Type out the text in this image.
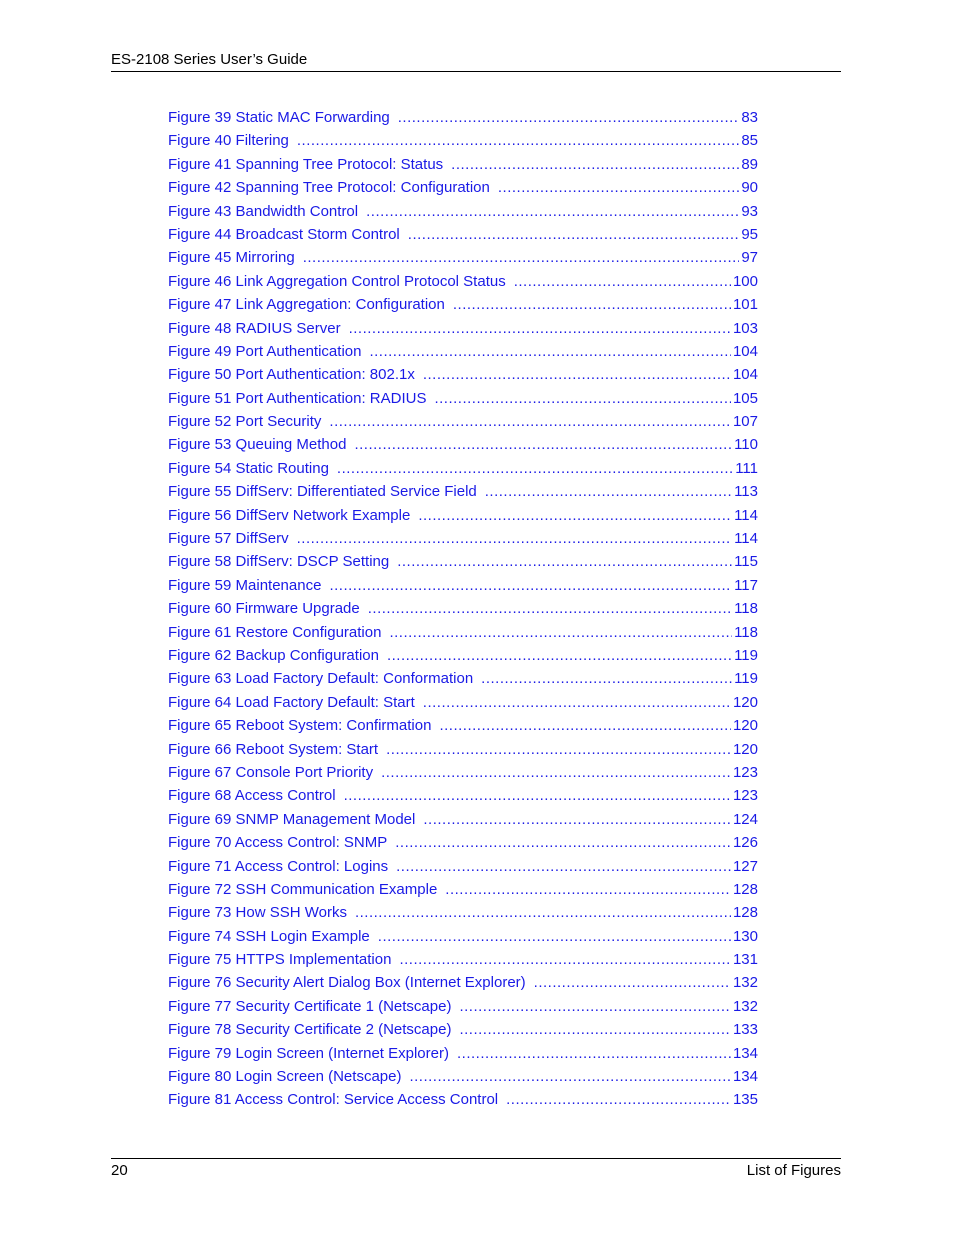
ES-2108 Series User’s Guide
Figure 39 Static MAC Forwarding .....	83
Figure 40 Filtering .....	85
Figure 41 Spanning Tree Protocol: Status .....	89
Figure 42 Spanning Tree Protocol: Configuration .....	90
Figure 43 Bandwidth Control .....	93
Figure 44 Broadcast Storm Control .....	95
Figure 45 Mirroring .....	97
Figure 46 Link Aggregation Control Protocol Status .....	100
Figure 47 Link Aggregation: Configuration .....	101
Figure 48 RADIUS Server .....	103
Figure 49 Port Authentication .....	104
Figure 50 Port Authentication: 802.1x .....	104
Figure 51 Port Authentication: RADIUS .....	105
Figure 52 Port Security .....	107
Figure 53 Queuing Method .....	110
Figure 54 Static Routing .....	111
Figure 55 DiffServ: Differentiated Service Field .....	113
Figure 56 DiffServ Network Example .....	114
Figure 57 DiffServ .....	114
Figure 58 DiffServ: DSCP Setting .....	115
Figure 59 Maintenance .....	117
Figure 60 Firmware Upgrade .....	118
Figure 61 Restore Configuration .....	118
Figure 62 Backup Configuration .....	119
Figure 63 Load Factory Default: Conformation .....	119
Figure 64 Load Factory Default: Start .....	120
Figure 65 Reboot System: Confirmation .....	120
Figure 66 Reboot System: Start .....	120
Figure 67 Console Port Priority .....	123
Figure 68 Access Control .....	123
Figure 69 SNMP Management Model .....	124
Figure 70 Access Control: SNMP .....	126
Figure 71 Access Control: Logins .....	127
Figure 72 SSH Communication Example .....	128
Figure 73 How SSH Works .....	128
Figure 74 SSH Login Example .....	130
Figure 75 HTTPS Implementation .....	131
Figure 76 Security Alert Dialog Box (Internet Explorer) .....	132
Figure 77 Security Certificate 1 (Netscape) .....	132
Figure 78 Security Certificate 2 (Netscape) .....	133
Figure 79 Login Screen (Internet Explorer) .....	134
Figure 80 Login Screen (Netscape) .....	134
Figure 81 Access Control: Service Access Control .....	135
20	List of Figures
